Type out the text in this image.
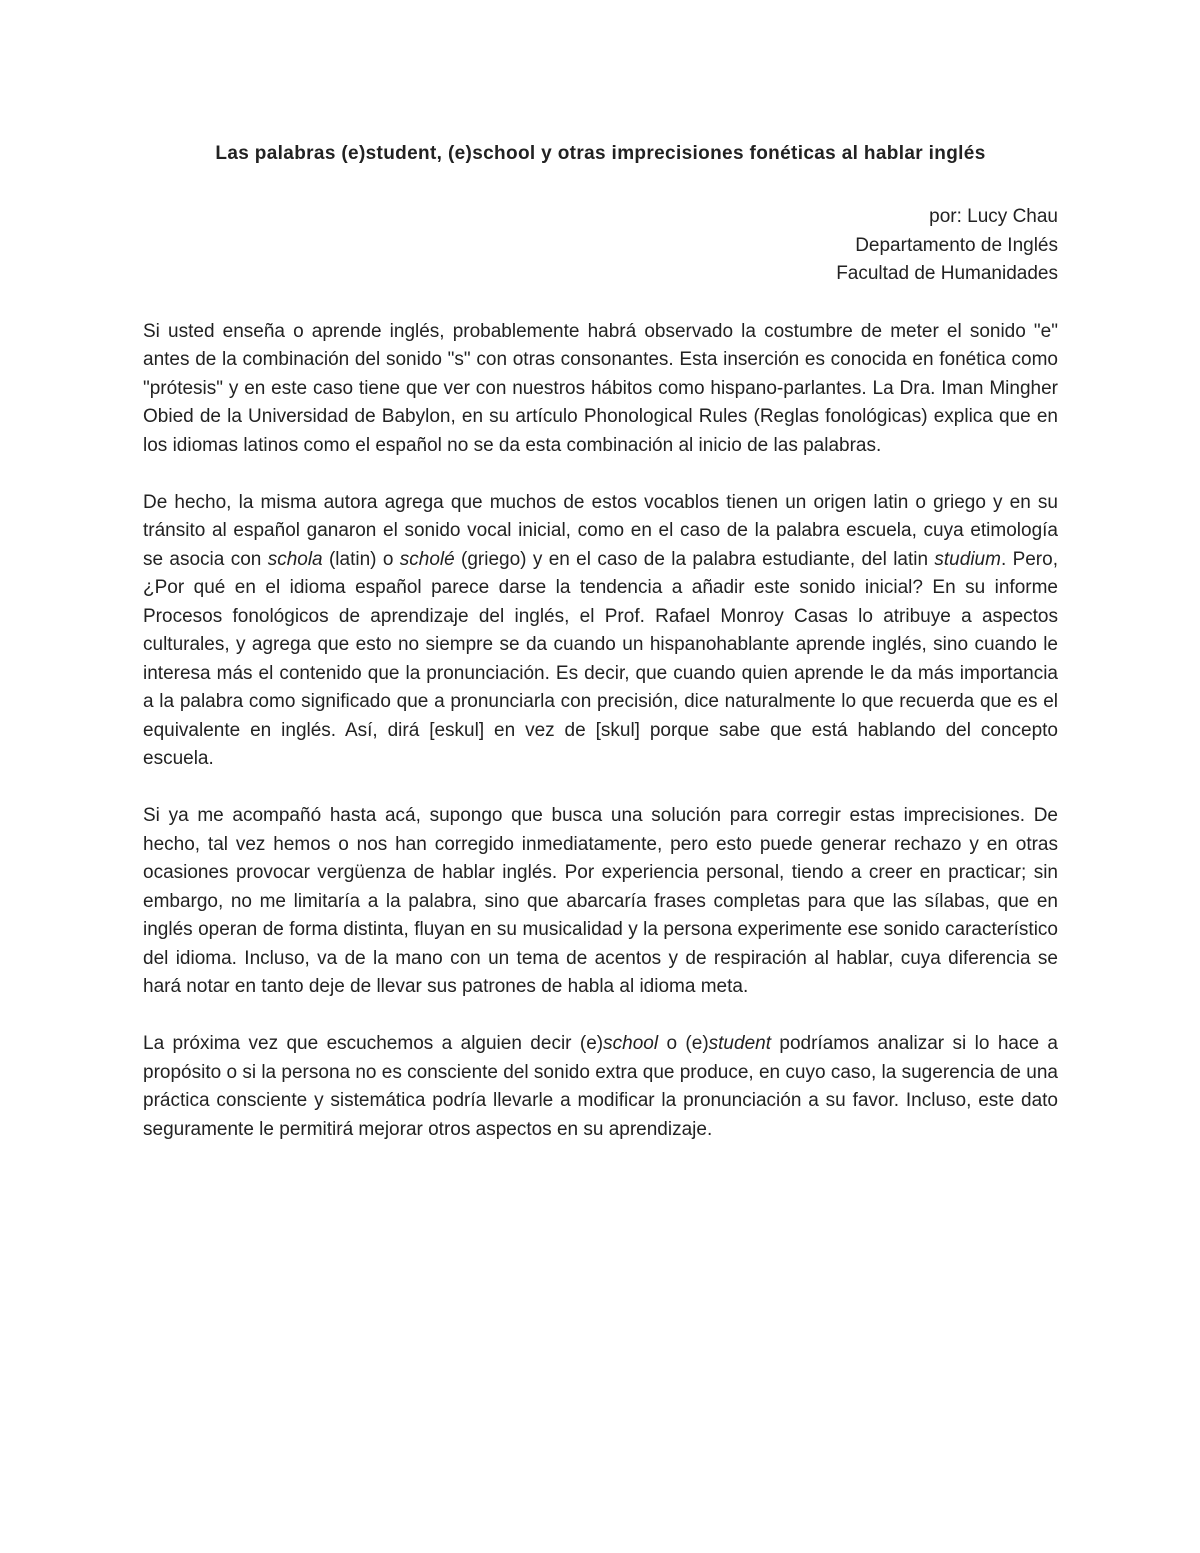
Las palabras (e)student, (e)school y otras imprecisiones fonéticas al hablar inglés
por: Lucy Chau
Departamento de Inglés
Facultad de Humanidades

Si usted enseña o aprende inglés, probablemente habrá observado la costumbre de meter el sonido "e" antes de la combinación del sonido "s" con otras consonantes. Esta inserción es conocida en fonética como "prótesis" y en este caso tiene que ver con nuestros hábitos como hispano-parlantes. La Dra. Iman Mingher Obied de la Universidad de Babylon, en su artículo Phonological Rules (Reglas fonológicas) explica que en los idiomas latinos como el español no se da esta combinación al inicio de las palabras.

De hecho, la misma autora agrega que muchos de estos vocablos tienen un origen latin o griego y en su tránsito al español ganaron el sonido vocal inicial, como en el caso de la palabra escuela, cuya etimología se asocia con schola (latin) o scholé (griego) y en el caso de la palabra estudiante, del latin studium. Pero, ¿Por qué en el idioma español parece darse la tendencia a añadir este sonido inicial? En su informe Procesos fonológicos de aprendizaje del inglés, el Prof. Rafael Monroy Casas lo atribuye a aspectos culturales, y agrega que esto no siempre se da cuando un hispanohablante aprende inglés, sino cuando le interesa más el contenido que la pronunciación. Es decir, que cuando quien aprende le da más importancia a la palabra como significado que a pronunciarla con precisión, dice naturalmente lo que recuerda que es el equivalente en inglés. Así, dirá [eskul] en vez de [skul] porque sabe que está hablando del concepto escuela.

Si ya me acompañó hasta acá, supongo que busca una solución para corregir estas imprecisiones. De hecho, tal vez hemos o nos han corregido inmediatamente, pero esto puede generar rechazo y en otras ocasiones provocar vergüenza de hablar inglés. Por experiencia personal, tiendo a creer en practicar; sin embargo, no me limitaría a la palabra, sino que abarcaría frases completas para que las sílabas, que en inglés operan de forma distinta, fluyan en su musicalidad y la persona experimente ese sonido característico del idioma. Incluso, va de la mano con un tema de acentos y de respiración al hablar, cuya diferencia se hará notar en tanto deje de llevar sus patrones de habla al idioma meta.

La próxima vez que escuchemos a alguien decir (e)school o (e)student podríamos analizar si lo hace a propósito o si la persona no es consciente del sonido extra que produce, en cuyo caso, la sugerencia de una práctica consciente y sistemática podría llevarle a modificar la pronunciación a su favor. Incluso, este dato seguramente le permitirá mejorar otros aspectos en su aprendizaje.
